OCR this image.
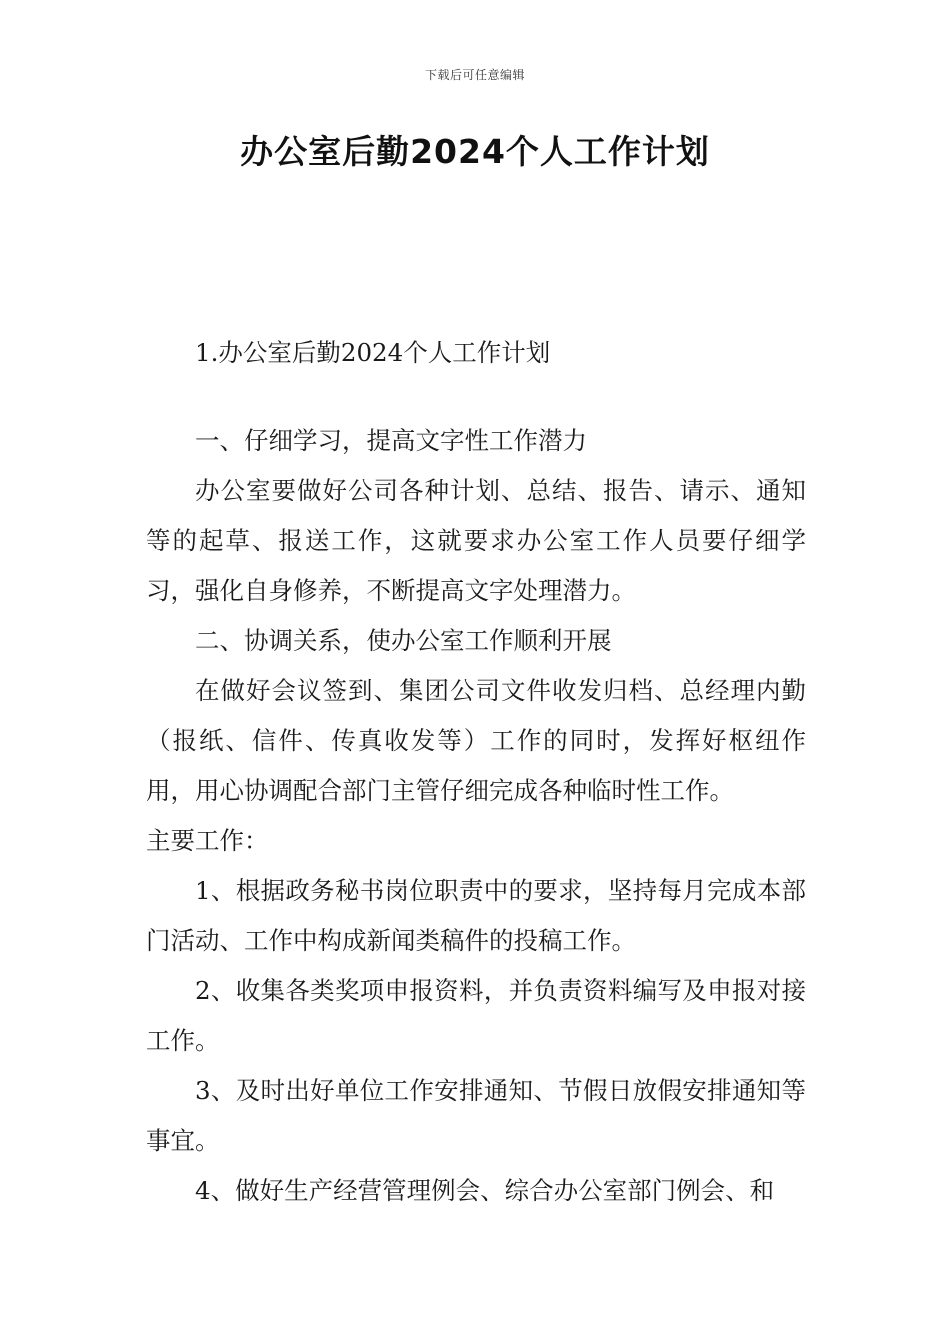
下载后可任意编辑
办公室后勤2024个人工作计划

1.办公室后勤2024个人工作计划

一、仔细学习，提高文字性工作潜力

办公室要做好公司各种计划、总结、报告、请示、通知等的起草、报送工作，这就要求办公室工作人员要仔细学习，强化自身修养，不断提高文字处理潜力。

二、协调关系，使办公室工作顺利开展

在做好会议签到、集团公司文件收发归档、总经理内勤（报纸、信件、传真收发等）工作的同时，发挥好枢纽作用，用心协调配合部门主管仔细完成各种临时性工作。

主要工作：

1、根据政务秘书岗位职责中的要求，坚持每月完成本部门活动、工作中构成新闻类稿件的投稿工作。

2、收集各类奖项申报资料，并负责资料编写及申报对接工作。

3、及时出好单位工作安排通知、节假日放假安排通知等事宜。

4、做好生产经营管理例会、综合办公室部门例会、和
